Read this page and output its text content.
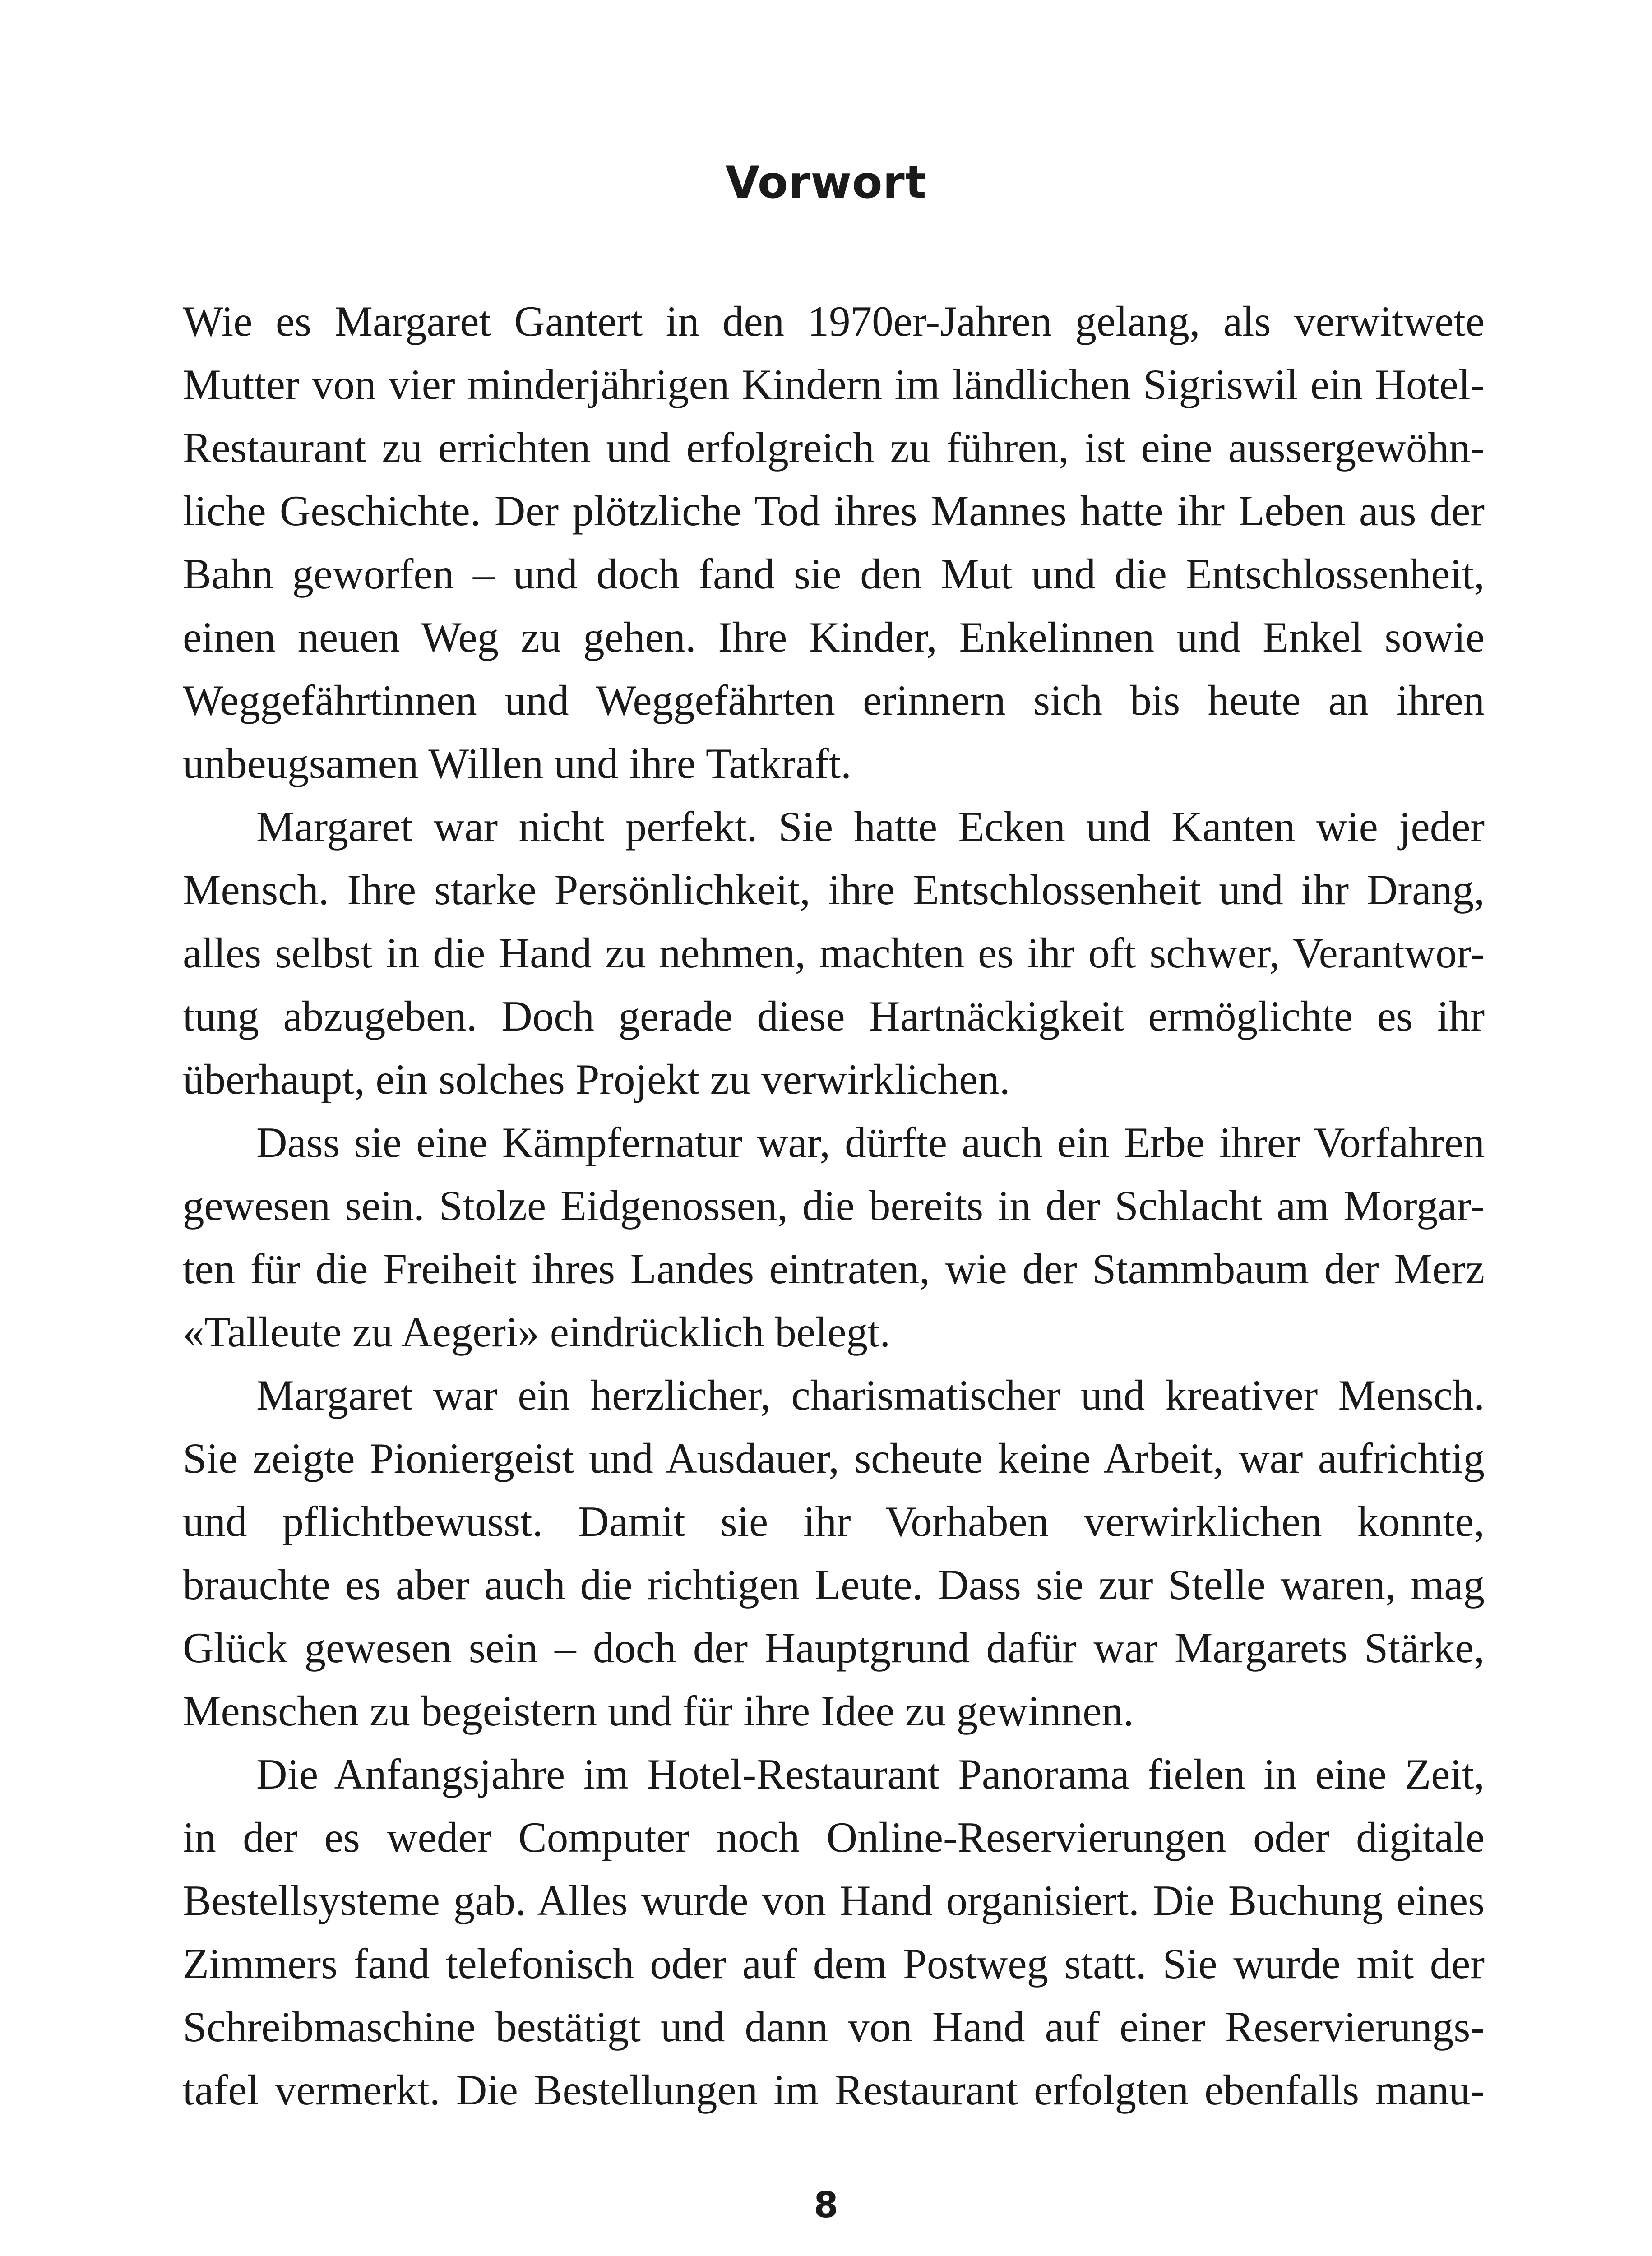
Vorwort

Wie es Margaret Gantert in den 1970er-Jahren gelang, als verwitwete
Mutter von vier minderjährigen Kindern im ländlichen Sigriswil ein Hotel-
Restaurant zu errichten und erfolgreich zu führen, ist eine aussergewöhn-
liche Geschichte. Der plötzliche Tod ihres Mannes hatte ihr Leben aus der
Bahn geworfen – und doch fand sie den Mut und die Entschlossenheit,
einen neuen Weg zu gehen. Ihre Kinder, Enkelinnen und Enkel sowie
Weggefährtinnen und Weggefährten erinnern sich bis heute an ihren
unbeugsamen Willen und ihre Tatkraft.

Margaret war nicht perfekt. Sie hatte Ecken und Kanten wie jeder
Mensch. Ihre starke Persönlichkeit, ihre Entschlossenheit und ihr Drang,
alles selbst in die Hand zu nehmen, machten es ihr oft schwer, Verantwor-
tung abzugeben. Doch gerade diese Hartnäckigkeit ermöglichte es ihr
überhaupt, ein solches Projekt zu verwirklichen.

Dass sie eine Kämpfernatur war, dürfte auch ein Erbe ihrer Vorfahren
gewesen sein. Stolze Eidgenossen, die bereits in der Schlacht am Morgar-
ten für die Freiheit ihres Landes eintraten, wie der Stammbaum der Merz
«Talleute zu Aegeri» eindrücklich belegt.

Margaret war ein herzlicher, charismatischer und kreativer Mensch.
Sie zeigte Pioniergeist und Ausdauer, scheute keine Arbeit, war aufrichtig
und pflichtbewusst. Damit sie ihr Vorhaben verwirklichen konnte,
brauchte es aber auch die richtigen Leute. Dass sie zur Stelle waren, mag
Glück gewesen sein – doch der Hauptgrund dafür war Margarets Stärke,
Menschen zu begeistern und für ihre Idee zu gewinnen.

Die Anfangsjahre im Hotel-Restaurant Panorama fielen in eine Zeit,
in der es weder Computer noch Online-Reservierungen oder digitale
Bestellsysteme gab. Alles wurde von Hand organisiert. Die Buchung eines
Zimmers fand telefonisch oder auf dem Postweg statt. Sie wurde mit der
Schreibmaschine bestätigt und dann von Hand auf einer Reservierungs-
tafel vermerkt. Die Bestellungen im Restaurant erfolgten ebenfalls manu-

8
